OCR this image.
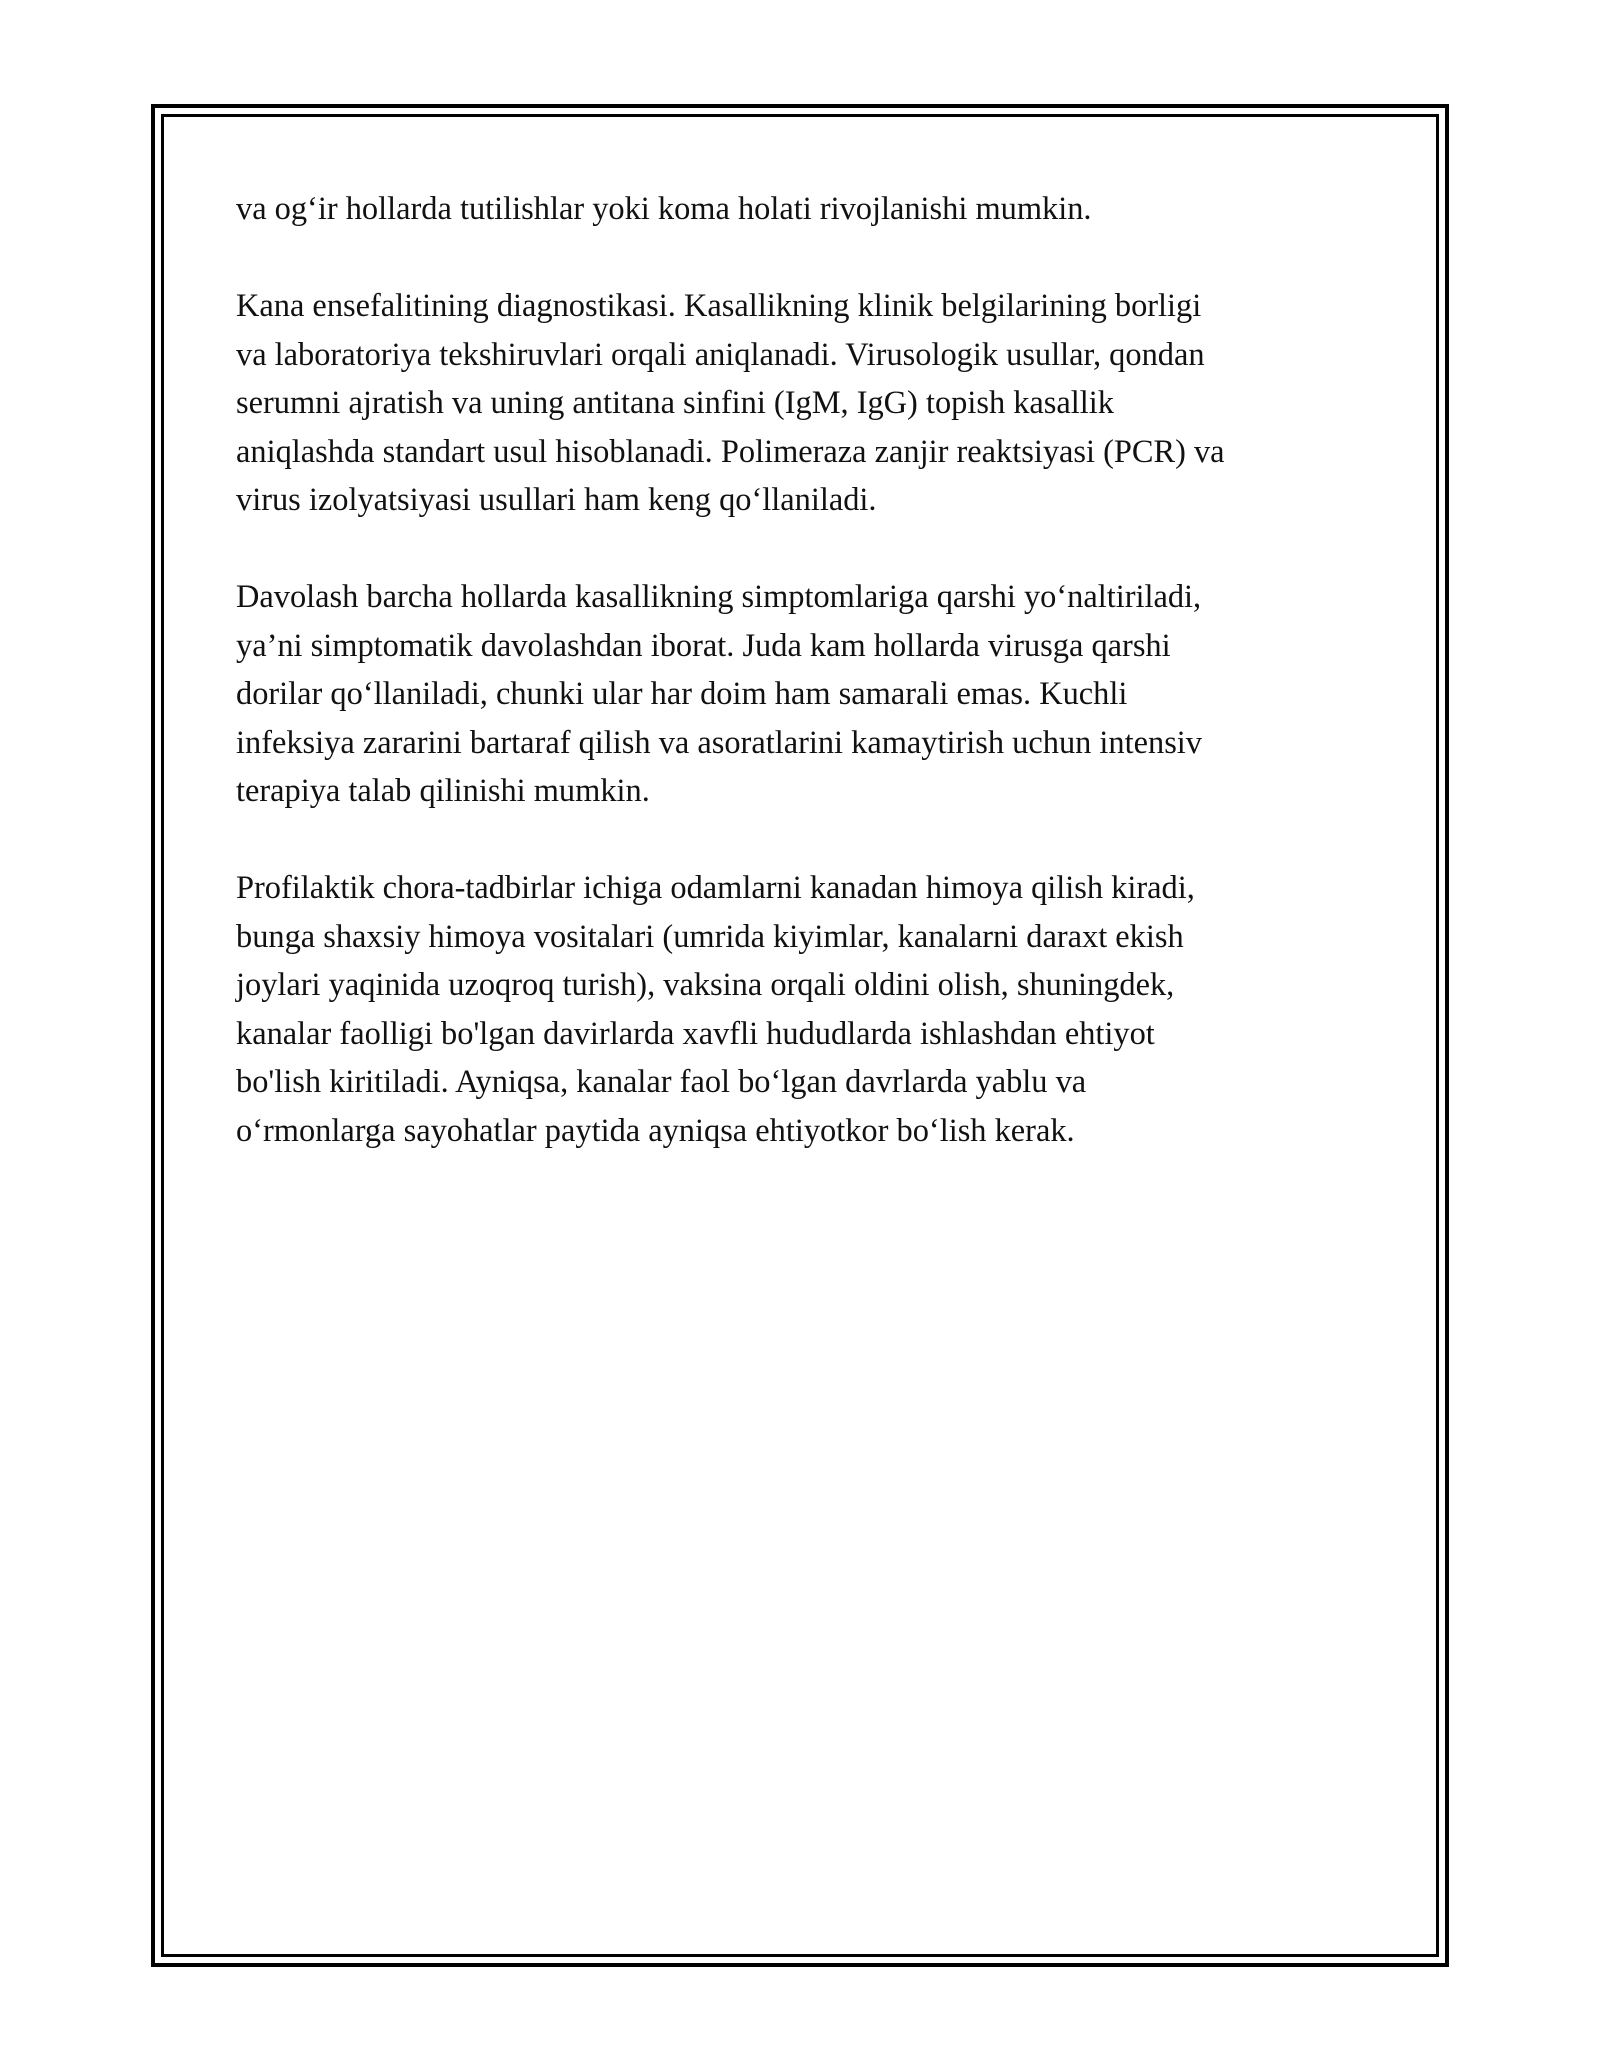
va og‘ir hollarda tutilishlar yoki koma holati rivojlanishi mumkin.

Kana ensefalitining diagnostikasi. Kasallikning klinik belgilarining borligi
va laboratoriya tekshiruvlari orqali aniqlanadi. Virusologik usullar, qondan
serumni ajratish va uning antitana sinfini (IgM, IgG) topish kasallik
aniqlashda standart usul hisoblanadi. Polimeraza zanjir reaktsiyasi (PCR) va
virus izolyatsiyasi usullari ham keng qo‘llaniladi.

Davolash barcha hollarda kasallikning simptomlariga qarshi yo‘naltiriladi,
ya’ni simptomatik davolashdan iborat. Juda kam hollarda virusga qarshi
dorilar qo‘llaniladi, chunki ular har doim ham samarali emas. Kuchli
infeksiya zararini bartaraf qilish va asoratlarini kamaytirish uchun intensiv
terapiya talab qilinishi mumkin.

Profilaktik chora-tadbirlar ichiga odamlarni kanadan himoya qilish kiradi,
bunga shaxsiy himoya vositalari (umrida kiyimlar, kanalarni daraxt ekish
joylari yaqinida uzoqroq turish), vaksina orqali oldini olish, shuningdek,
kanalar faolligi bo'lgan davirlarda xavfli hududlarda ishlashdan ehtiyot
bo'lish kiritiladi. Ayniqsa, kanalar faol bo‘lgan davrlarda yablu va
o‘rmonlarga sayohatlar paytida ayniqsa ehtiyotkor bo‘lish kerak.
